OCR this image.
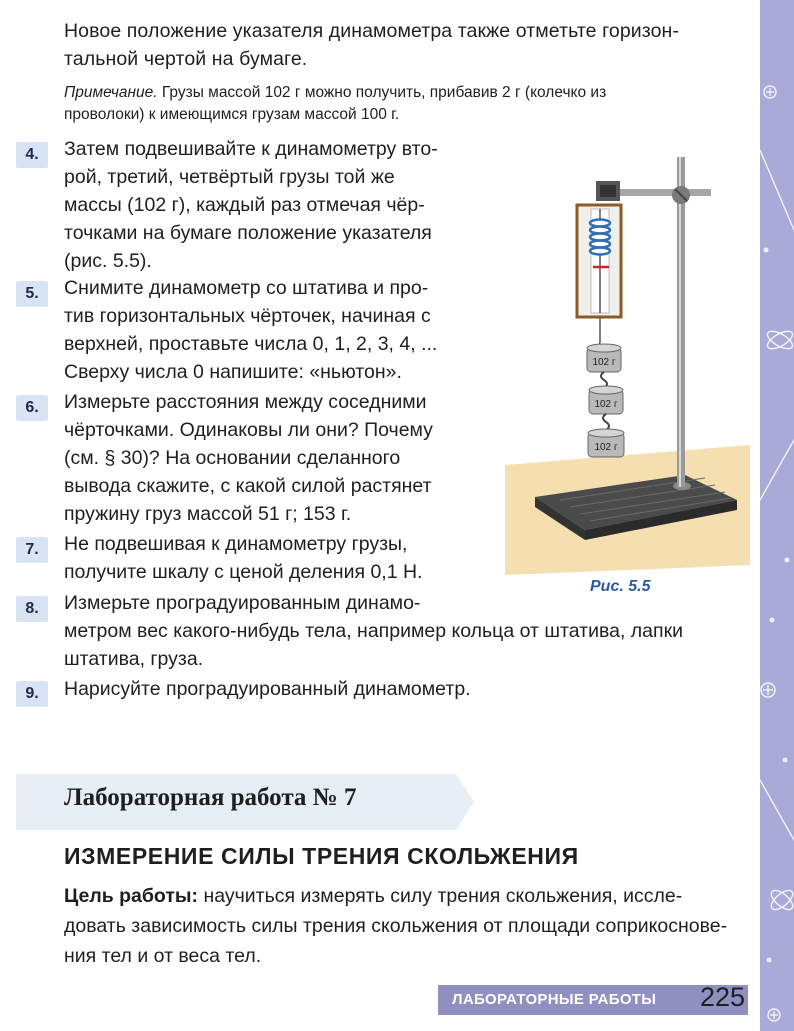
Новое положение указателя динамометра также отметьте горизон-
тальной чертой на бумаге.
Примечание. Грузы массой 102 г можно получить, прибавив 2 г (колечко из
проволоки) к имеющимся грузам массой 100 г.
4.	Затем подвешивайте к динамометру вто-
рой, третий, четвёртый грузы той же
массы (102 г), каждый раз отмечая чёр-
точками на бумаге положение указателя
(рис. 5.5).
5.	Снимите динамометр со штатива и про-
тив горизонтальных чёрточек, начиная с
верхней, проставьте числа 0, 1, 2, 3, 4, ...
Сверху числа 0 напишите: «ньютон».
6.	Измерьте расстояния между соседними
чёрточками. Одинаковы ли они? Почему
(см. § 30)? На основании сделанного
вывода скажите, с какой силой растянет
пружину груз массой 51 г; 153 г.
7.	Не подвешивая к динамометру грузы,
получите шкалу с ценой деления 0,1 Н.
8.	Измерьте проградуированным динамо-
метром вес какого-нибудь тела, например кольца от штатива, лапки
штатива, груза.
9.	Нарисуйте проградуированный динамометр.
102 г
102 г
102 г
Рис. 5.5
Лабораторная работа № 7
ИЗМЕРЕНИЕ СИЛЫ ТРЕНИЯ СКОЛЬЖЕНИЯ
Цель работы: научиться измерять силу трения скольжения, иссле-
довать зависимость силы трения скольжения от площади соприкоснове-
ния тел и от веса тел.
ЛАБОРАТОРНЫЕ РАБОТЫ 225
